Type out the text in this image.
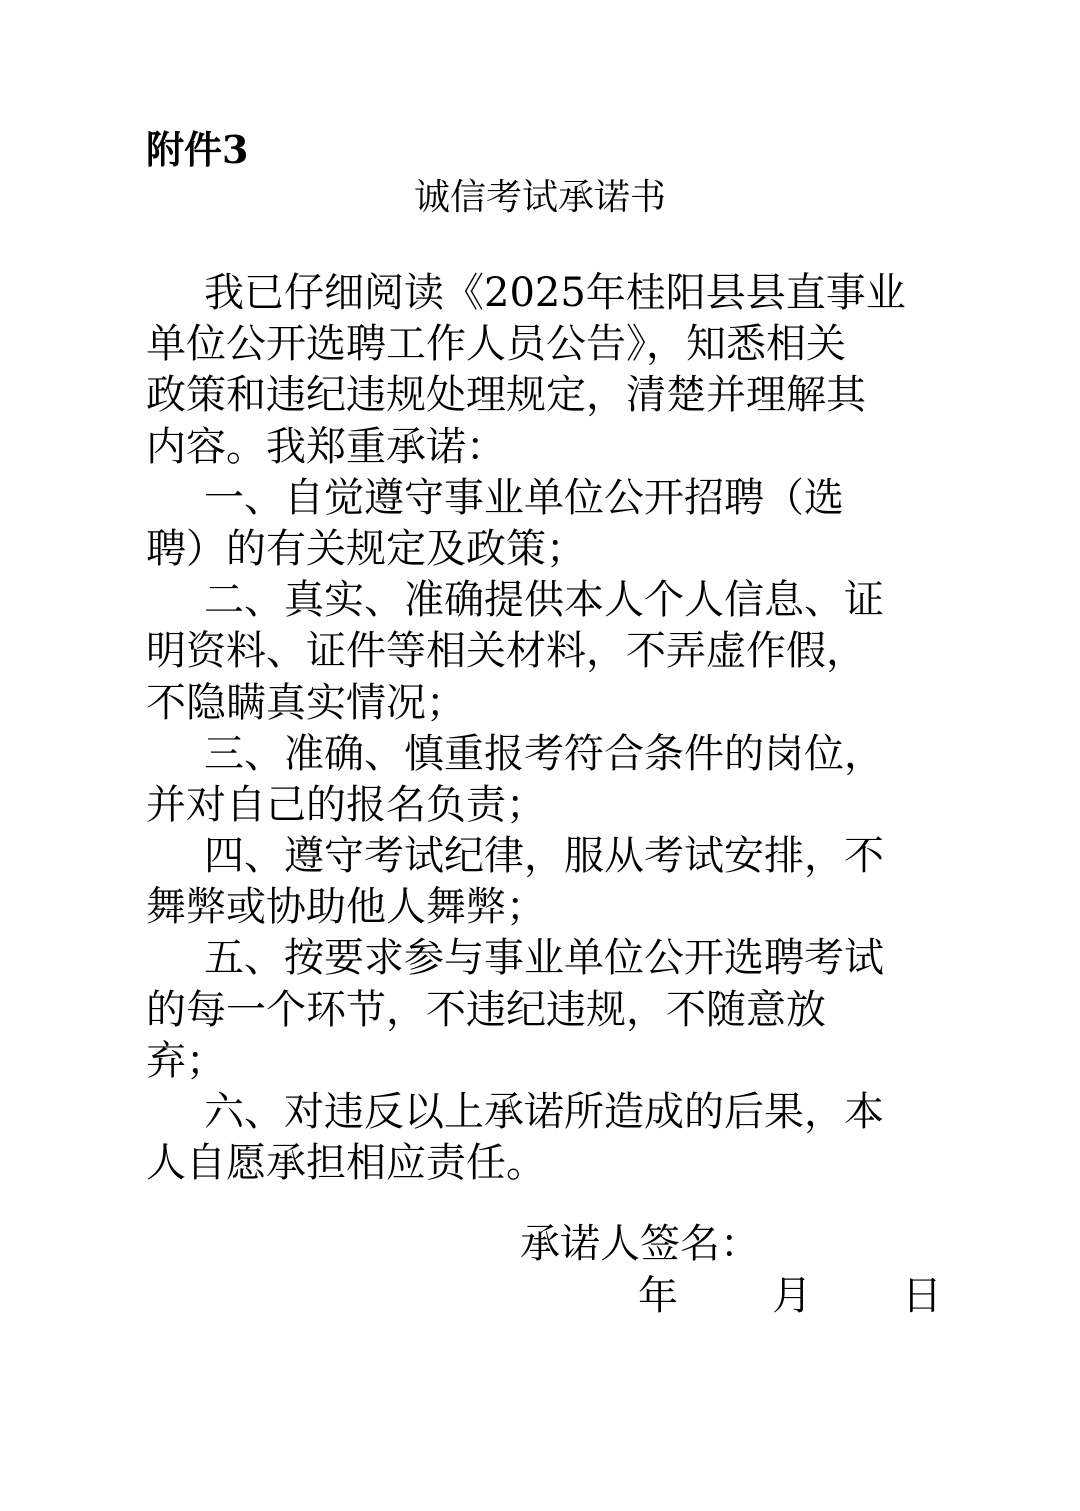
附件3
诚信考试承诺书
我已仔细阅读《2025年桂阳县县直事业
单位公开选聘工作人员公告》，知悉相关
政策和违纪违规处理规定，清楚并理解其
内容。我郑重承诺：
一、自觉遵守事业单位公开招聘（选
聘）的有关规定及政策；
二、真实、准确提供本人个人信息、证
明资料、证件等相关材料，不弄虚作假，
不隐瞒真实情况；
三、准确、慎重报考符合条件的岗位，
并对自己的报名负责；
四、遵守考试纪律，服从考试安排，不
舞弊或协助他人舞弊；
五、按要求参与事业单位公开选聘考试
的每一个环节，不违纪违规，不随意放
弃；
六、对违反以上承诺所造成的后果，本
人自愿承担相应责任。
承诺人签名：
年 月 日
